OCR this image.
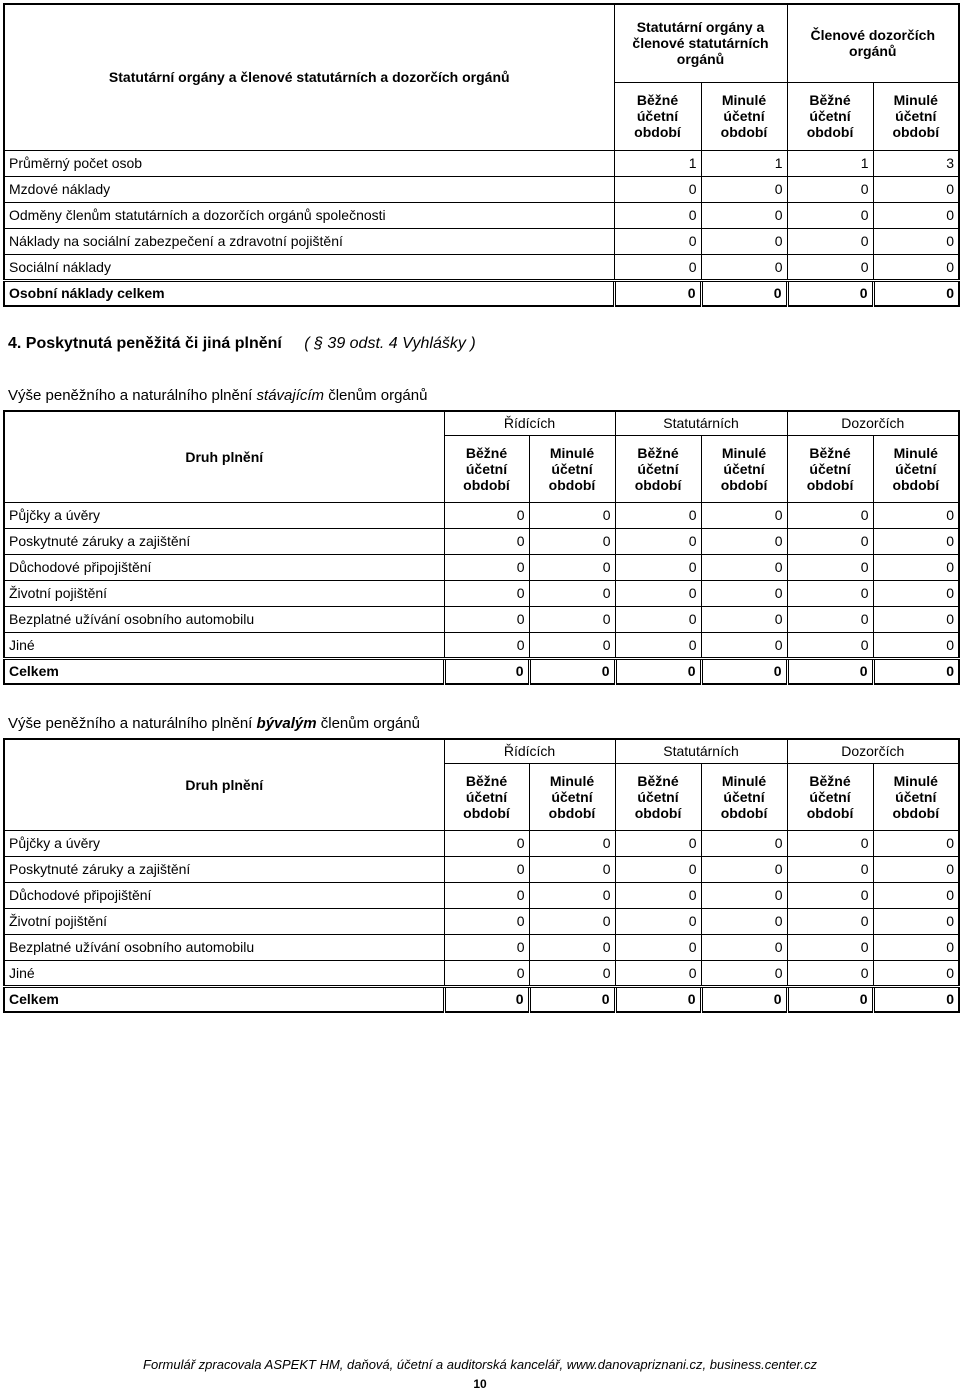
Statutární orgány a členové statutárních a dozorčích orgánů	Statutární orgány a členové statutárních orgánů		Členové dozorčích orgánů	
	Běžné účetní období	Minulé účetní období	Běžné účetní období	Minulé účetní období
Průměrný počet osob	1	1	1	3
Mzdové náklady	0	0	0	0
Odměny členům statutárních a dozorčích orgánů společnosti	0	0	0	0
Náklady na sociální zabezpečení a zdravotní pojištění	0	0	0	0
Sociální náklady	0	0	0	0
Osobní náklady celkem	0	0	0	0
4. Poskytnutá peněžitá či jiná plnění ( § 39 odst. 4 Vyhlášky )
Výše peněžního a naturálního plnění stávajícím členům orgánů
Druh plnění	Řídících		Statutárních		Dozorčích	
	Běžné účetní období	Minulé účetní období	Běžné účetní období	Minulé účetní období	Běžné účetní období	Minulé účetní období
Půjčky a úvěry	0	0	0	0	0	0
Poskytnuté záruky a zajištění	0	0	0	0	0	0
Důchodové připojištění	0	0	0	0	0	0
Životní pojištění	0	0	0	0	0	0
Bezplatné užívání osobního automobilu	0	0	0	0	0	0
Jiné	0	0	0	0	0	0
Celkem	0	0	0	0	0	0
Výše peněžního a naturálního plnění bývalým členům orgánů
Druh plnění	Řídících		Statutárních		Dozorčích	
	Běžné účetní období	Minulé účetní období	Běžné účetní období	Minulé účetní období	Běžné účetní období	Minulé účetní období
Půjčky a úvěry	0	0	0	0	0	0
Poskytnuté záruky a zajištění	0	0	0	0	0	0
Důchodové připojištění	0	0	0	0	0	0
Životní pojištění	0	0	0	0	0	0
Bezplatné užívání osobního automobilu	0	0	0	0	0	0
Jiné	0	0	0	0	0	0
Celkem	0	0	0	0	0	0
Formulář zpracovala ASPEKT HM, daňová, účetní a auditorská kancelář, www.danovapriznani.cz, business.center.cz
10
